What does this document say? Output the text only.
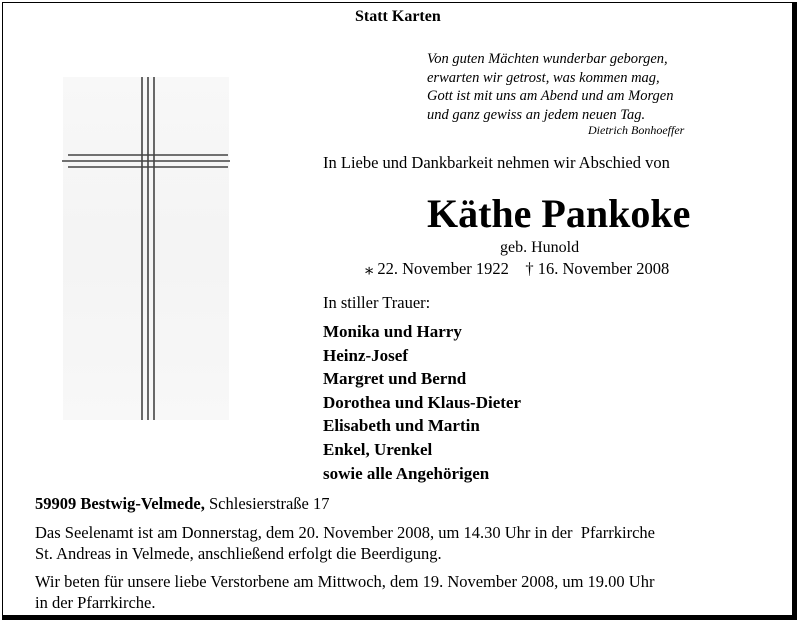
Statt Karten
Von guten Mächten wunderbar geborgen,
erwarten wir getrost, was kommen mag,
Gott ist mit uns am Abend und am Morgen
und ganz gewiss an jedem neuen Tag.
Dietrich Bonhoeffer
In Liebe und Dankbarkeit nehmen wir Abschied von
Käthe Pankoke
geb. Hunold
⁎ 22. November 1922    † 16. November 2008
In stiller Trauer:
Monika und Harry
Heinz-Josef
Margret und Bernd
Dorothea und Klaus-Dieter
Elisabeth und Martin
Enkel, Urenkel
sowie alle Angehörigen
59909 Bestwig-Velmede, Schlesierstraße 17
Das Seelenamt ist am Donnerstag, dem 20. November 2008, um 14.30 Uhr in der  Pfarrkirche
St. Andreas in Velmede, anschließend erfolgt die Beerdigung.
Wir beten für unsere liebe Verstorbene am Mittwoch, dem 19. November 2008, um 19.00 Uhr
in der Pfarrkirche.
